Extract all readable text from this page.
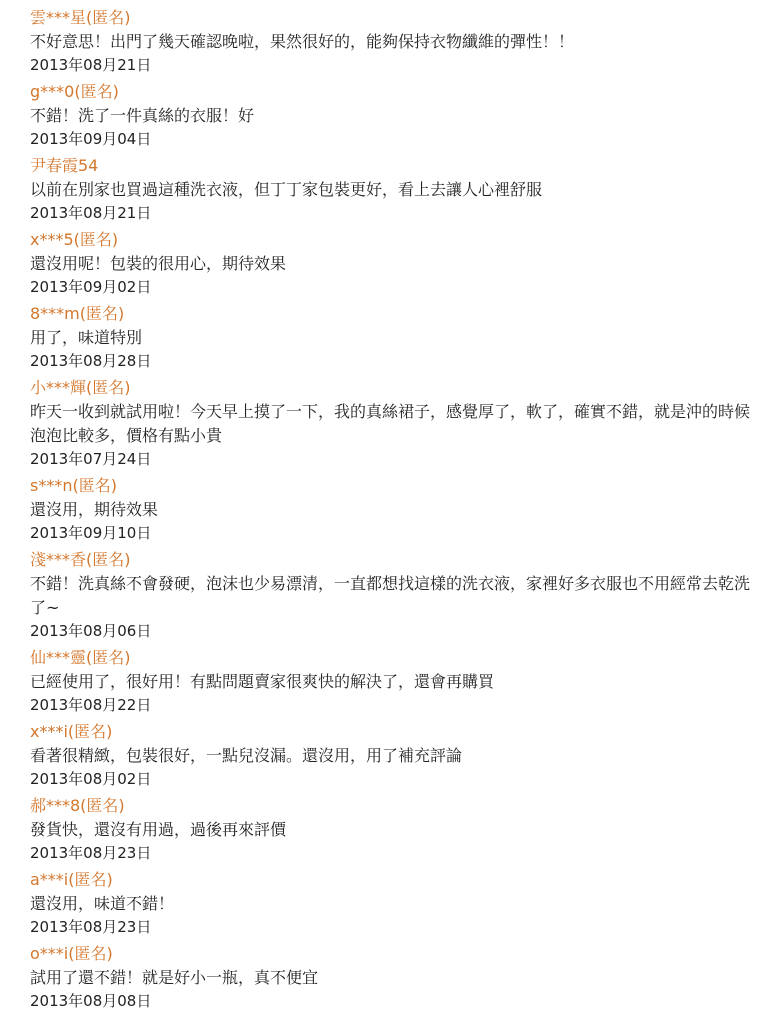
雲***星(匿名)
不好意思！出門了幾天確認晚啦，果然很好的，能夠保持衣物纖維的彈性！！
2013年08月21日
g***0(匿名)
不錯！洗了一件真絲的衣服！好
2013年09月04日
尹春霞54
以前在別家也買過這種洗衣液，但丁丁家包裝更好，看上去讓人心裡舒服
2013年08月21日
x***5(匿名)
還沒用呢！包裝的很用心，期待效果
2013年09月02日
8***m(匿名)
用了，味道特別
2013年08月28日
小***輝(匿名)
昨天一收到就試用啦！今天早上摸了一下，我的真絲裙子，感覺厚了，軟了，確實不錯，就是沖的時候泡泡比較多，價格有點小貴
2013年07月24日
s***n(匿名)
還沒用，期待效果
2013年09月10日
淺***香(匿名)
不錯！洗真絲不會發硬，泡沫也少易漂清，一直都想找這樣的洗衣液，家裡好多衣服也不用經常去乾洗了~
2013年08月06日
仙***靈(匿名)
已經使用了，很好用！有點問題賣家很爽快的解決了，還會再購買
2013年08月22日
x***i(匿名)
看著很精緻，包裝很好，一點兒沒漏。還沒用，用了補充評論
2013年08月02日
郝***8(匿名)
發貨快，還沒有用過，過後再來評價
2013年08月23日
a***i(匿名)
還沒用，味道不錯！
2013年08月23日
o***i(匿名)
試用了還不錯！就是好小一瓶，真不便宜
2013年08月08日
